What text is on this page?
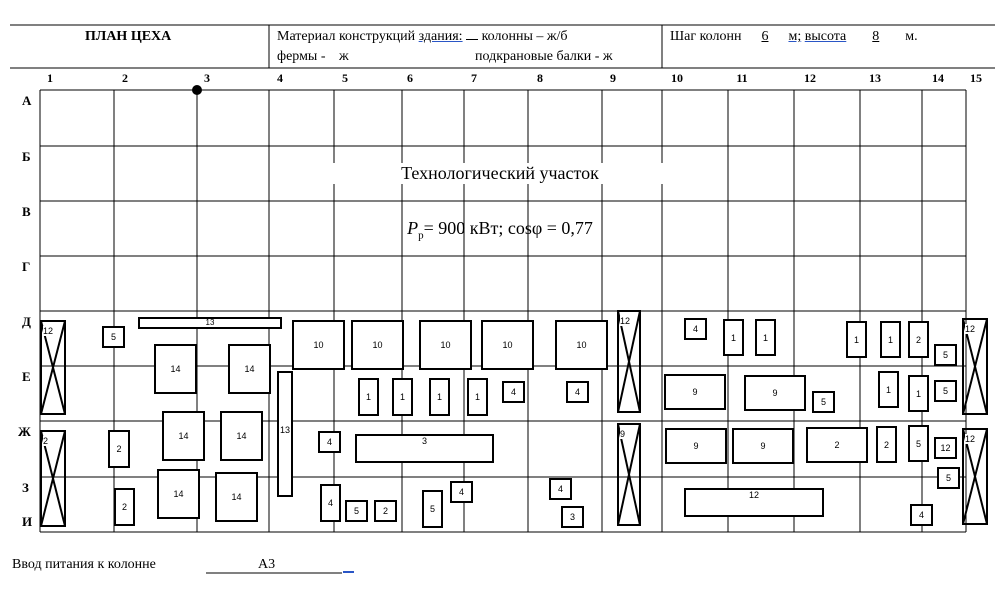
ПЛАН ЦЕХА	Материал конструкций здания: колонны – ж/б
фермы - ж	подкрановые балки - ж
Шаг колонн 6 м; высота 8 м.
1	2	3	4	5	6	7	8	9	10	11	12	13	14	15
А
Б
В
Г
Д
Е
Ж
З
И
Технологический участок
$P_р= 900$ кВт; cosφ = 0,77
12
2
12
9
12
12
5
13
14	14
13
14	14
2
14	14
2
10	10	10	10	10
1	1	1	1	4	4
4	3
4
5	2	5
4	4
3
4
1	1	1	1	2
5
9	9
5
1	1	5
9	9	2	2	5	12
5
12
4
Ввод питания к колонне	А3
